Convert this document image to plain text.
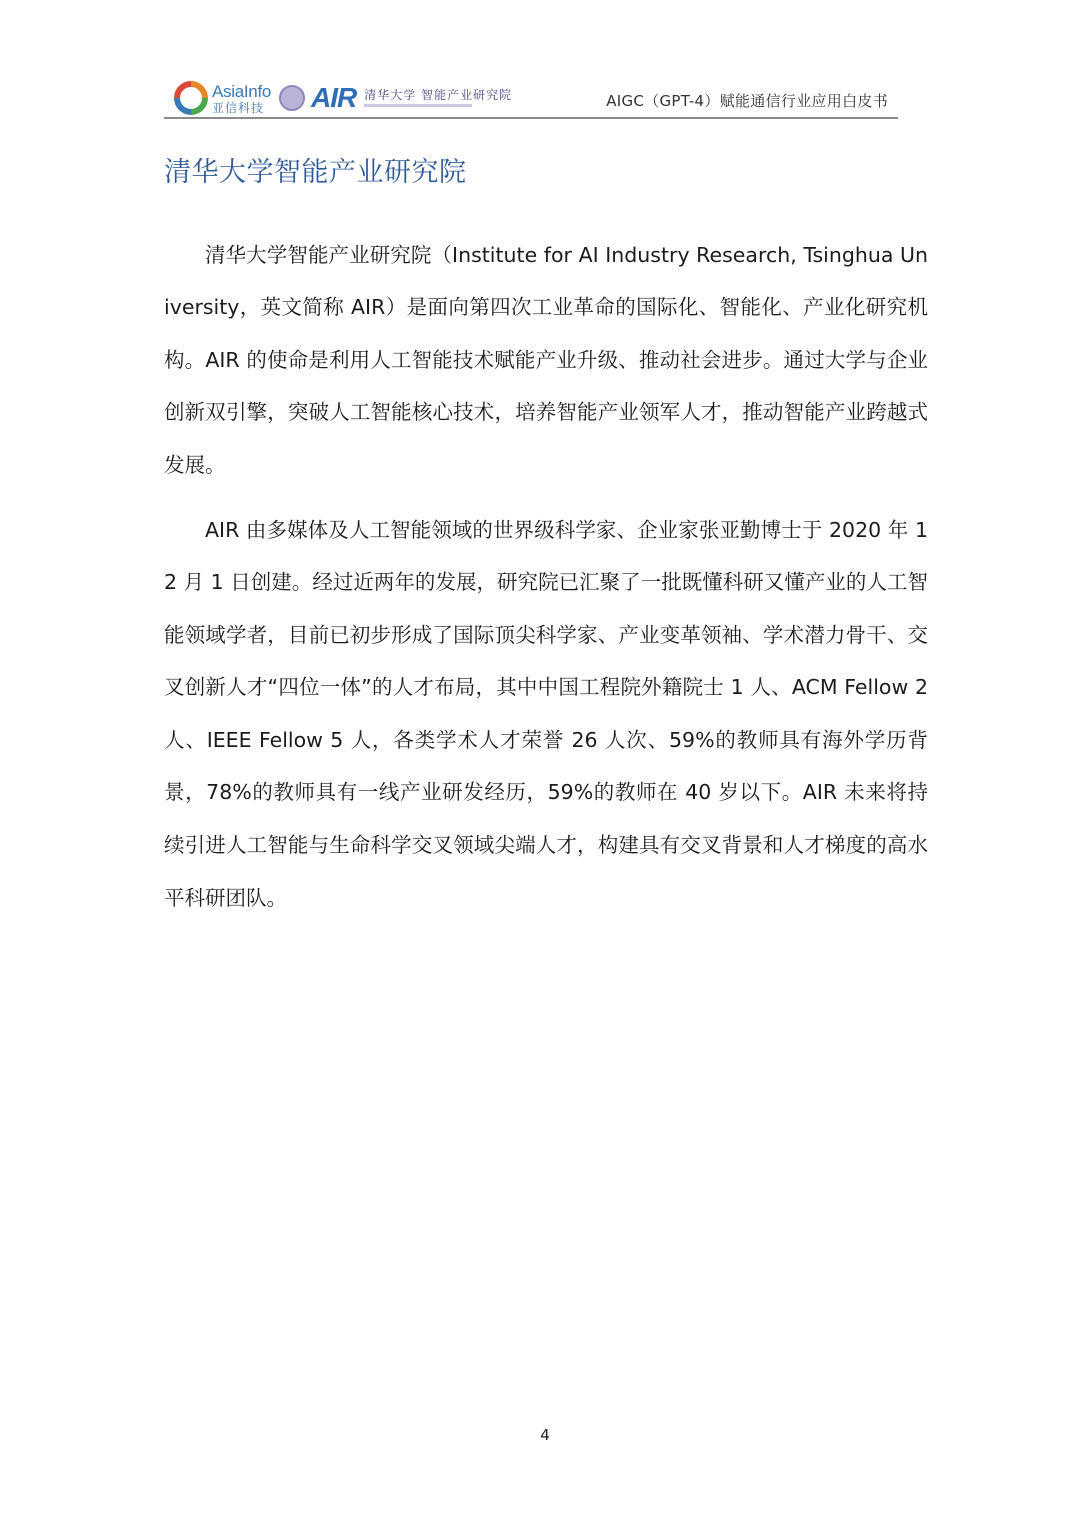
AsiaInfo
亚信科技 AIR 清华大学 智能产业研究院	AIGC（GPT-4）赋能通信行业应用白皮书
清华大学智能产业研究院

清华大学智能产业研究院（Institute for AI Industry Research, Tsinghua University，英文简称 AIR）是面向第四次工业革命的国际化、智能化、产业化研究机构。AIR 的使命是利用人工智能技术赋能产业升级、推动社会进步。通过大学与企业创新双引擎，突破人工智能核心技术，培养智能产业领军人才，推动智能产业跨越式发展。

AIR 由多媒体及人工智能领域的世界级科学家、企业家张亚勤博士于 2020 年 12 月 1 日创建。经过近两年的发展，研究院已汇聚了一批既懂科研又懂产业的人工智能领域学者，目前已初步形成了国际顶尖科学家、产业变革领袖、学术潜力骨干、交叉创新人才“四位一体”的人才布局，其中中国工程院外籍院士 1 人、ACM Fellow 2 人、IEEE Fellow 5 人，各类学术人才荣誉 26 人次、59%的教师具有海外学历背景，78%的教师具有一线产业研发经历，59%的教师在 40 岁以下。AIR 未来将持续引进人工智能与生命科学交叉领域尖端人才，构建具有交叉背景和人才梯度的高水平科研团队。

4
